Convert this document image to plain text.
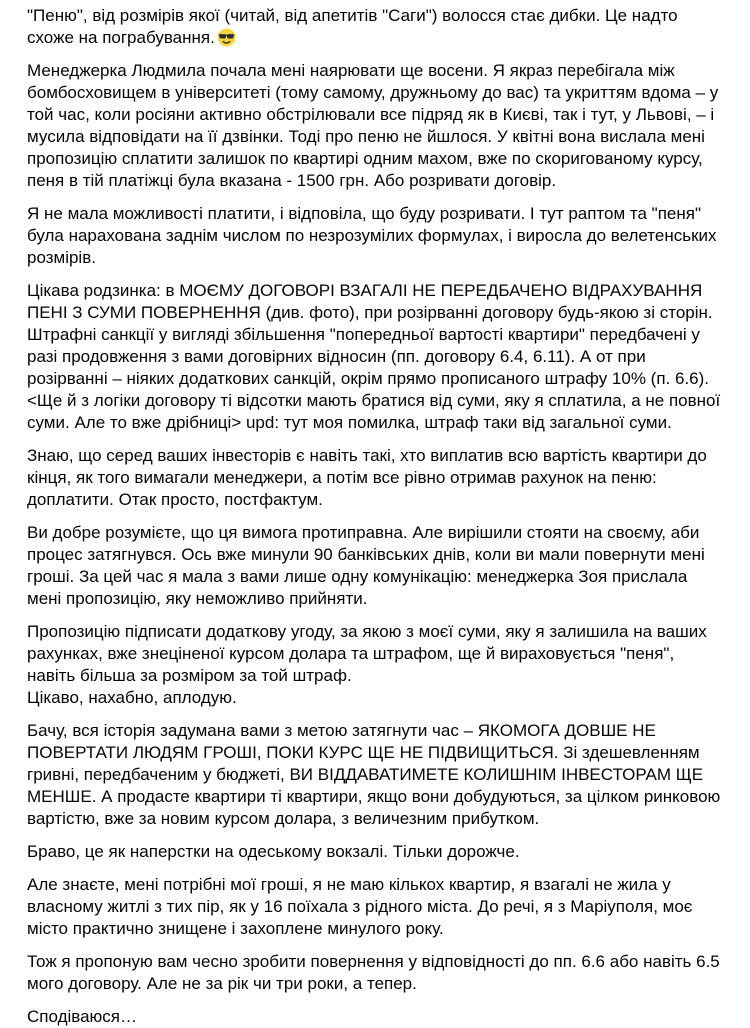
"Пеню", від розмірів якої (читай, від апетитів "Саги") волосся стає дибки. Це надто схоже на пограбування.

Менеджерка Людмила почала мені наярювати ще восени. Я якраз перебігала між бомбосховищем в університеті (тому самому, дружньому до вас) та укриттям вдома – у той час, коли росіяни активно обстрілювали все підряд як в Києві, так і тут, у Львові, – і мусила відповідати на її дзвінки. Тоді про пеню не йшлося. У квітні вона вислала мені пропозицію сплатити залишок по квартирі одним махом, вже по скоригованому курсу, пеня в тій платіжці була вказана - 1500 грн. Або розривати договір.

Я не мала можливості платити, і відповіла, що буду розривати. І тут раптом та "пеня" була нарахована заднім числом по незрозумілих формулах, і виросла до велетенських розмірів.

Цікава родзинка: в МОЄМУ ДОГОВОРІ ВЗАГАЛІ НЕ ПЕРЕДБАЧЕНО ВІДРАХУВАННЯ ПЕНІ З СУМИ ПОВЕРНЕННЯ (див. фото), при розірванні договору будь-якою зі сторін. Штрафні санкції у вигляді збільшення "попередньої вартості квартири" передбачені у разі продовження з вами договірних відносин (пп. договору 6.4, 6.11). А от при розірванні – ніяких додаткових санкцій, окрім прямо прописаного штрафу 10% (п. 6.6). <Ще й з логіки договору ті відсотки мають братися від суми, яку я сплатила, а не повної суми. Але то вже дрібниці> upd: тут моя помилка, штраф таки від загальної суми.

Знаю, що серед ваших інвесторів є навіть такі, хто виплатив всю вартість квартири до кінця, як того вимагали менеджери, а потім все рівно отримав рахунок на пеню: доплатити. Отак просто, постфактум.

Ви добре розумієте, що ця вимога протиправна. Але вирішили стояти на своєму, аби процес затягнувся. Ось вже минули 90 банківських днів, коли ви мали повернути мені гроші. За цей час я мала з вами лише одну комунікацію: менеджерка Зоя прислала мені пропозицію, яку неможливо прийняти.

Пропозицію підписати додаткову угоду, за якою з моєї суми, яку я залишила на ваших рахунках, вже знеціненої курсом долара та штрафом, ще й вираховується "пеня", навіть більша за розміром за той штраф.

Цікаво, нахабно, аплодую.

Бачу, вся історія задумана вами з метою затягнути час – ЯКОМОГА ДОВШЕ НЕ ПОВЕРТАТИ ЛЮДЯМ ГРОШІ, ПОКИ КУРС ЩЕ НЕ ПІДВИЩИТЬСЯ. Зі здешевленням гривні, передбаченим у бюджеті, ВИ ВІДДАВАТИМЕТЕ КОЛИШНІМ ІНВЕСТОРАМ ЩЕ МЕНШЕ. А продасте квартири ті квартири, якщо вони добудуються, за цілком ринковою вартістю, вже за новим курсом долара, з величезним прибутком.

Браво, це як наперстки на одеському вокзалі. Тільки дорожче.

Але знаєте, мені потрібні мої гроші, я не маю кількох квартир, я взагалі не жила у власному житлі з тих пір, як у 16 поїхала з рідного міста. До речі, я з Маріуполя, моє місто практично знищене і захоплене минулого року.

Тож я пропоную вам чесно зробити повернення у відповідності до пп. 6.6 або навіть 6.5 мого договору. Але не за рік чи три роки, а тепер.

Сподіваюся…
